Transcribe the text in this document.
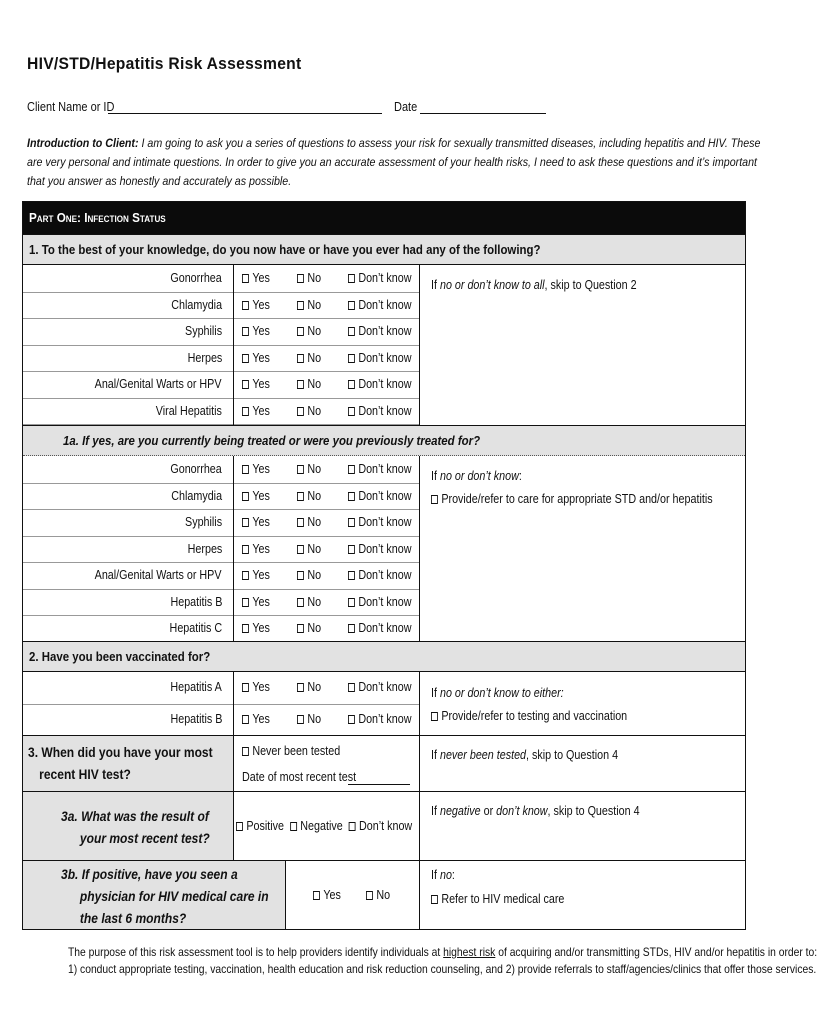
HIV/STD/Hepatitis Risk Assessment
Client Name or ID	Date
Introduction to Client: I am going to ask you a series of questions to assess your risk for sexually transmitted diseases, including hepatitis and HIV. These are very personal and intimate questions. In order to give you an accurate assessment of your health risks, I need to ask these questions and it’s important that you answer as honestly and accurately as possible.
Part One: Infection Status
1. To the best of your knowledge, do you now have or have you ever had any of the following?
Gonorrhea	Yes	No	Don’t know
Chlamydia	Yes	No	Don’t know
Syphilis	Yes	No	Don’t know
Herpes	Yes	No	Don’t know
Anal/Genital Warts or HPV	Yes	No	Don’t know
Viral Hepatitis	Yes	No	Don’t know
If no or don’t know to all, skip to Question 2
1a. If yes, are you currently being treated or were you previously treated for?
Gonorrhea	Yes	No	Don’t know
Chlamydia	Yes	No	Don’t know
Syphilis	Yes	No	Don’t know
Herpes	Yes	No	Don’t know
Anal/Genital Warts or HPV	Yes	No	Don’t know
Hepatitis B	Yes	No	Don’t know
Hepatitis C	Yes	No	Don’t know
If no or don’t know:
Provide/refer to care for appropriate STD and/or hepatitis
2. Have you been vaccinated for?
Hepatitis A	Yes	No	Don’t know
Hepatitis B	Yes	No	Don’t know
If no or don’t know to either:
Provide/refer to testing and vaccination
3. When did you have your most
recent HIV test?
Never been tested
Date of most recent test
If never been tested, skip to Question 4
3a. What was the result of
your most recent test?
Positive Negative Don’t know
If negative or don’t know, skip to Question 4
3b. If positive, have you seen a
physician for HIV medical care in
the last 6 months?
Yes	No
If no:
Refer to HIV medical care
The purpose of this risk assessment tool is to help providers identify individuals at highest risk of acquiring and/or transmitting STDs, HIV and/or hepatitis in order to:
1) conduct appropriate testing, vaccination, health education and risk reduction counseling, and 2) provide referrals to staff/agencies/clinics that offer those services.
